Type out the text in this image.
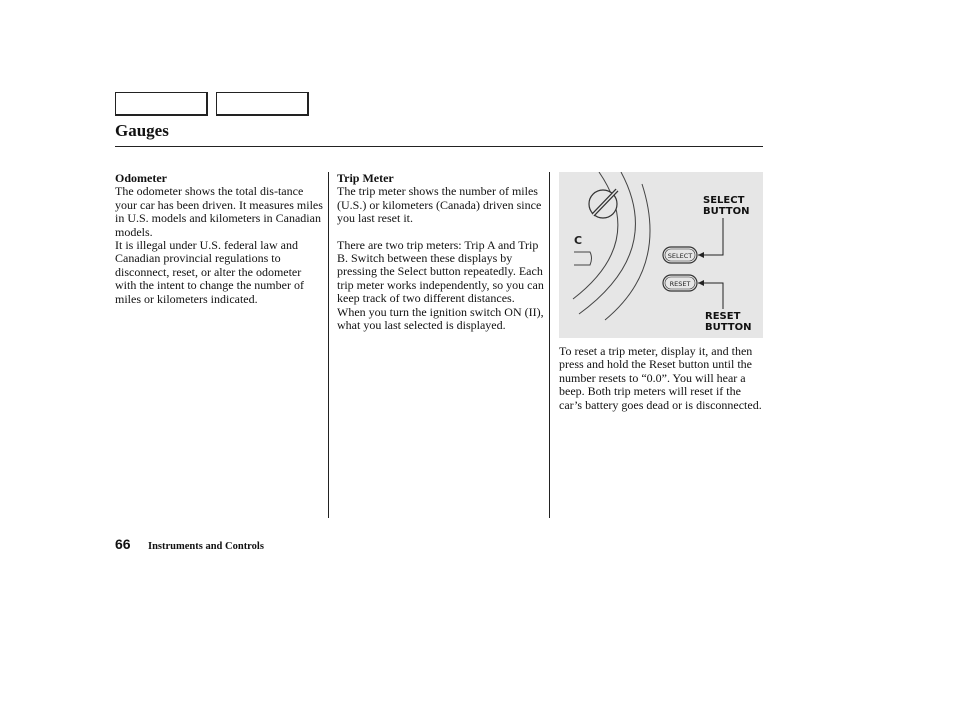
Gauges
Odometer

The odometer shows the total dis-tance your car has been driven. It measures miles in U.S. models and kilometers in Canadian models.

It is illegal under U.S. federal law and Canadian provincial regulations to disconnect, reset, or alter the odometer with the intent to change the number of miles or kilometers indicated.

Trip Meter

The trip meter shows the number of miles (U.S.) or kilometers (Canada) driven since you last reset it.

There are two trip meters: Trip A and Trip B. Switch between these displays by pressing the Select button repeatedly. Each trip meter works independently, so you can keep track of two different distances. When you turn the ignition switch ON (II), what you last selected is displayed.

SELECT
RESET
C
SELECT BUTTON
RESET BUTTON

To reset a trip meter, display it, and then press and hold the Reset button until the number resets to “0.0”. You will hear a beep. Both trip meters will reset if the car’s battery goes dead or is disconnected.

66 Instruments and Controls
